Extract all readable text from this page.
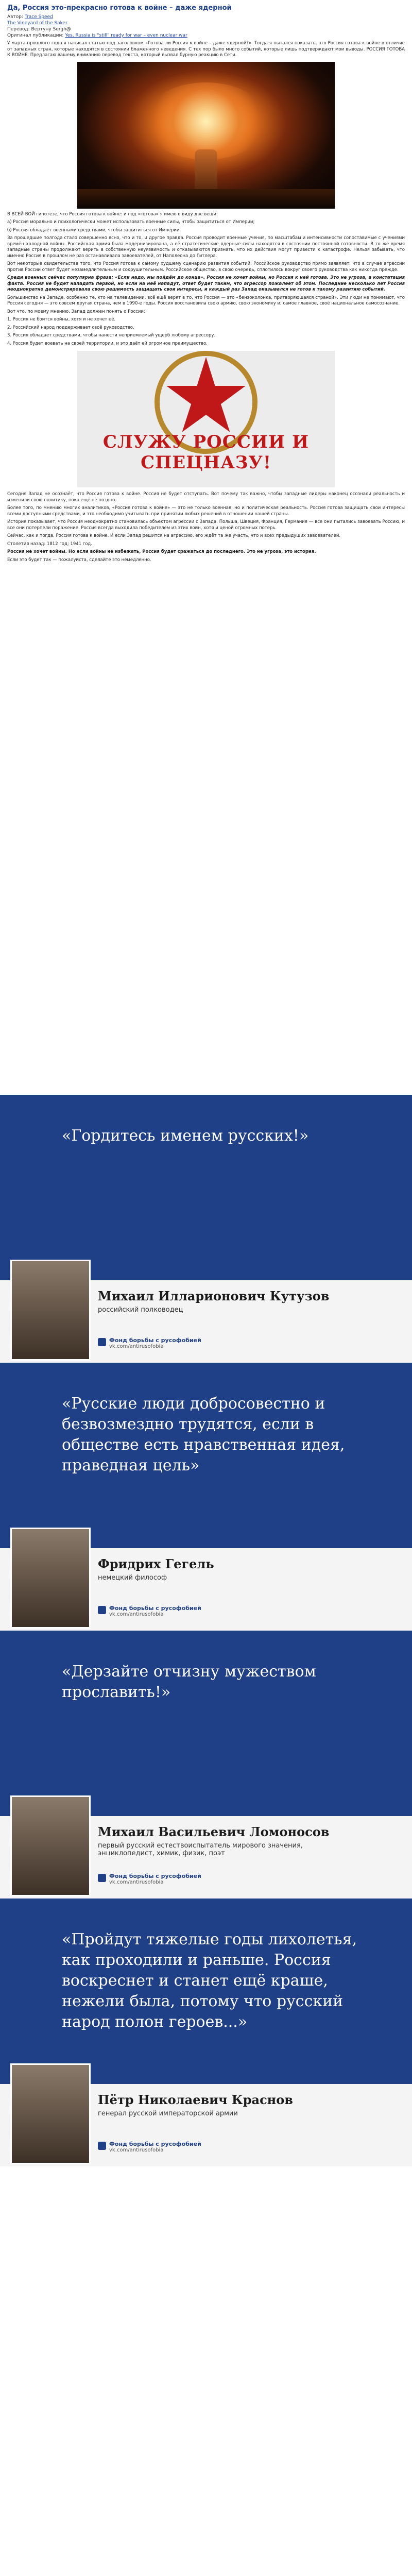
Да, Россия это-прекрасно готова к войне – даже ядерной
Автор: Trace Speed
The Vineyard of the Saker
Перевод: Вертуну Sergh@
Оригинал публикации: Yes, Russia is "still" ready for war – even nuclear war

У марта прошлого года я написал статью под заголовком «Готова ли Россия к войне – даже ядерной?». Тогда я пытался показать, что Россия готова к войне в отличие от западных стран, которые находятся в состоянии блаженного неведения. С тех пор было много событий, которые лишь подтверждают мои выводы. РОССИЯ ГОТОВА К ВОЙНЕ. Предлагаю вашему вниманию перевод текста, который вызвал бурную реакцию в Сети.

В ВСЕЙ ВОЙ гипотезе, что Россия готова к войне: и под «готова» я имею в виду две вещи:

а) Россия морально и психологически может использовать военные силы, чтобы защититься от Империи;

б) Россия обладает военными средствами, чтобы защититься от Империи.

За прошедшие полгода стало совершенно ясно, что и то, и другое правда. Россия проводит военные учения, по масштабам и интенсивности сопоставимые с учениями времён холодной войны. Российская армия была модернизирована, а её стратегические ядерные силы находятся в состоянии постоянной готовности. В то же время западные страны продолжают верить в собственную неуязвимость и отказываются признать, что их действия могут привести к катастрофе. Нельзя забывать, что именно Россия в прошлом не раз останавливала завоевателей, от Наполеона до Гитлера.

Вот некоторые свидетельства того, что Россия готова к самому худшему сценарию развития событий. Российское руководство прямо заявляет, что в случае агрессии против России ответ будет незамедлительным и сокрушительным. Российское общество, в свою очередь, сплотилось вокруг своего руководства как никогда прежде.

Среди военных сейчас популярна фраза: «Если надо, мы пойдём до конца». Россия не хочет войны, но Россия к ней готова. Это не угроза, а констатация факта. Россия не будет нападать первой, но если на неё нападут, ответ будет таким, что агрессор пожалеет об этом. Последние несколько лет Россия неоднократно демонстрировала свою решимость защищать свои интересы, и каждый раз Запад оказывался не готов к такому развитию событий.

Большинство на Западе, особенно те, кто на телевидении, всё ещё верят в то, что Россия — это «бензоколонка, притворяющаяся страной». Эти люди не понимают, что Россия сегодня — это совсем другая страна, чем в 1990-е годы. Россия восстановила свою армию, свою экономику и, самое главное, своё национальное самосознание.

Вот что, по моему мнению, Запад должен понять о России:

1. Россия не боится войны, хотя и не хочет её.

2. Российский народ поддерживает своё руководство.

3. Россия обладает средствами, чтобы нанести неприемлемый ущерб любому агрессору.

4. Россия будет воевать на своей территории, и это даёт ей огромное преимущество.

СЛУЖУ РОССИИ И СПЕЦНАЗУ!

Сегодня Запад не осознаёт, что Россия готова к войне. Россия не будет отступать. Вот почему так важно, чтобы западные лидеры наконец осознали реальность и изменили свою политику, пока ещё не поздно.

Более того, по мнению многих аналитиков, «Россия готова к войне» — это не только военная, но и политическая реальность. Россия готова защищать свои интересы всеми доступными средствами, и это необходимо учитывать при принятии любых решений в отношении нашей страны.

История показывает, что Россия неоднократно становилась объектом агрессии с Запада. Польша, Швеция, Франция, Германия — все они пытались завоевать Россию, и все они потерпели поражение. Россия всегда выходила победителем из этих войн, хотя и ценой огромных потерь.

Сейчас, как и тогда, Россия готова к войне. И если Запад решится на агрессию, его ждёт та же участь, что и всех предыдущих завоевателей.

Столетия назад: 1812 год; 1941 год.

Россия не хочет войны. Но если войны не избежать, Россия будет сражаться до последнего. Это не угроза, это история.

Если это будет так — пожалуйста, сделайте это немедленно.

«Гордитесь именем русских!»
Михаил Илларионович Кутузов
российский полководец
Фонд борьбы с русофобией
vk.com/antirusofobia
«Русские люди добросовестно и безвозмездно трудятся, если в обществе есть нравственная идея, праведная цель»
Фридрих Гегель
немецкий философ
Фонд борьбы с русофобией
vk.com/antirusofobia
«Дерзайте отчизну мужеством прославить!»
Михаил Васильевич Ломоносов
первый русский естествоиспытатель мирового значения, энциклопедист, химик, физик, поэт
Фонд борьбы с русофобией
vk.com/antirusofobia
«Пройдут тяжелые годы лихолетья, как проходили и раньше. Россия воскреснет и станет ещё краше, нежели была, потому что русский народ полон героев...»
Пётр Николаевич Краснов
генерал русской императорской армии
Фонд борьбы с русофобией
vk.com/antirusofobia
